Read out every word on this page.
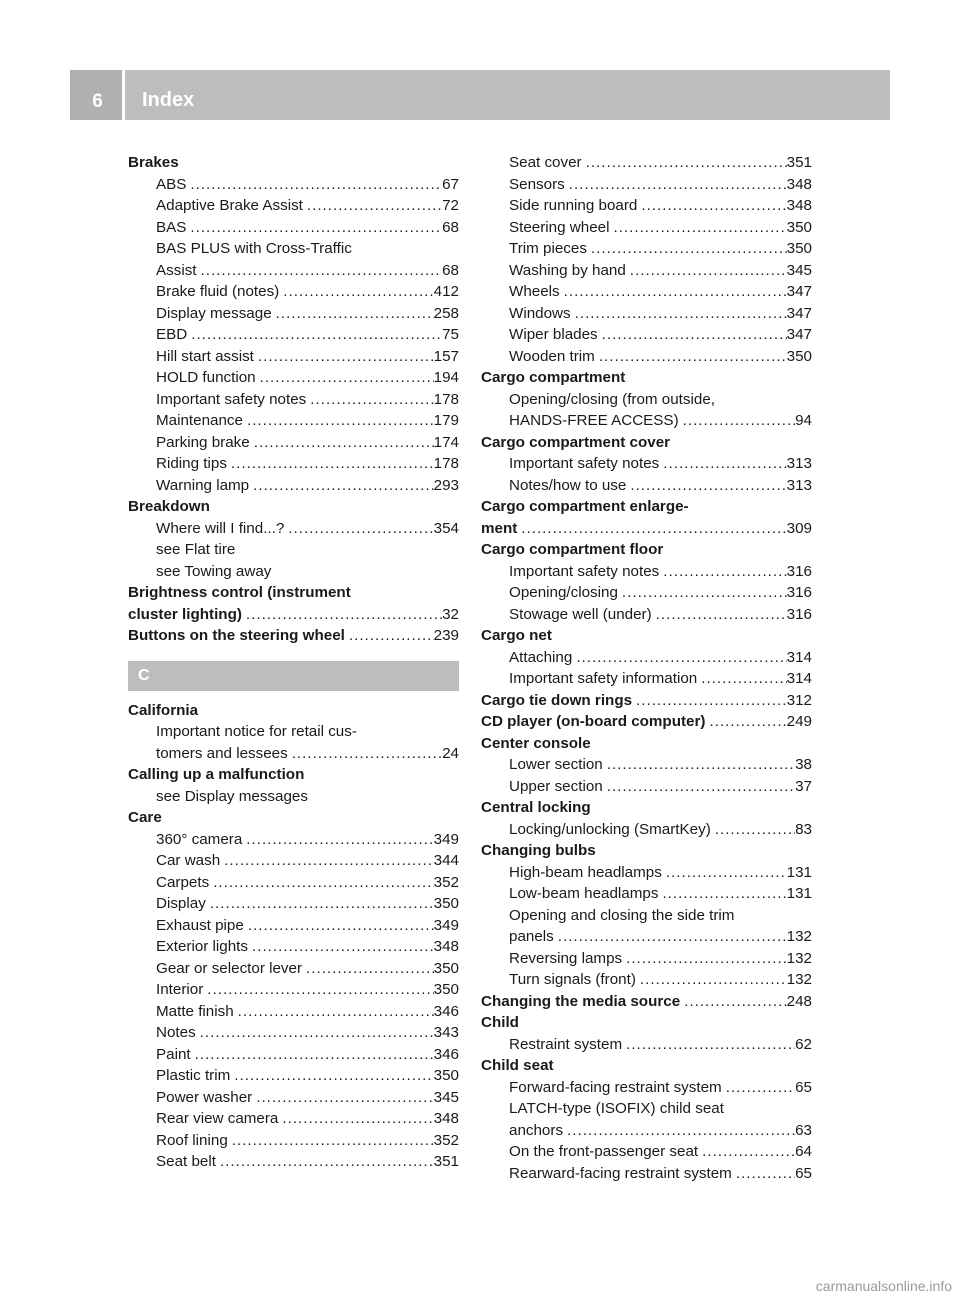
6	Index
Brakes
ABS .....	67
Adaptive Brake Assist .....	72
BAS .....	68
BAS PLUS with Cross-Traffic
Assist .....	68
Brake fluid (notes) .....	412
Display message .....	258
EBD .....	75
Hill start assist .....	157
HOLD function .....	194
Important safety notes .....	178
Maintenance .....	179
Parking brake .....	174
Riding tips .....	178
Warning lamp .....	293
Breakdown
Where will I find...? .....	354
see Flat tire
see Towing away
Brightness control (instrument
cluster lighting) .....	32
Buttons on the steering wheel .....	239
C
California
Important notice for retail cus-
tomers and lessees .....	24
Calling up a malfunction
see Display messages
Care
360° camera .....	349
Car wash .....	344
Carpets .....	352
Display .....	350
Exhaust pipe .....	349
Exterior lights .....	348
Gear or selector lever .....	350
Interior .....	350
Matte finish .....	346
Notes .....	343
Paint .....	346
Plastic trim .....	350
Power washer .....	345
Rear view camera .....	348
Roof lining .....	352
Seat belt .....	351
Seat cover .....	351
Sensors .....	348
Side running board .....	348
Steering wheel .....	350
Trim pieces .....	350
Washing by hand .....	345
Wheels .....	347
Windows .....	347
Wiper blades .....	347
Wooden trim .....	350
Cargo compartment
Opening/closing (from outside,
HANDS-FREE ACCESS) .....	94
Cargo compartment cover
Important safety notes .....	313
Notes/how to use .....	313
Cargo compartment enlarge-
ment .....	309
Cargo compartment floor
Important safety notes .....	316
Opening/closing .....	316
Stowage well (under) .....	316
Cargo net
Attaching .....	314
Important safety information .....	314
Cargo tie down rings .....	312
CD player (on-board computer) .....	249
Center console
Lower section .....	38
Upper section .....	37
Central locking
Locking/unlocking (SmartKey) .....	83
Changing bulbs
High-beam headlamps .....	131
Low-beam headlamps .....	131
Opening and closing the side trim
panels .....	132
Reversing lamps .....	132
Turn signals (front) .....	132
Changing the media source .....	248
Child
Restraint system .....	62
Child seat
Forward-facing restraint system .....	65
LATCH-type (ISOFIX) child seat
anchors .....	63
On the front-passenger seat .....	64
Rearward-facing restraint system .....	65
carmanualsonline.info
